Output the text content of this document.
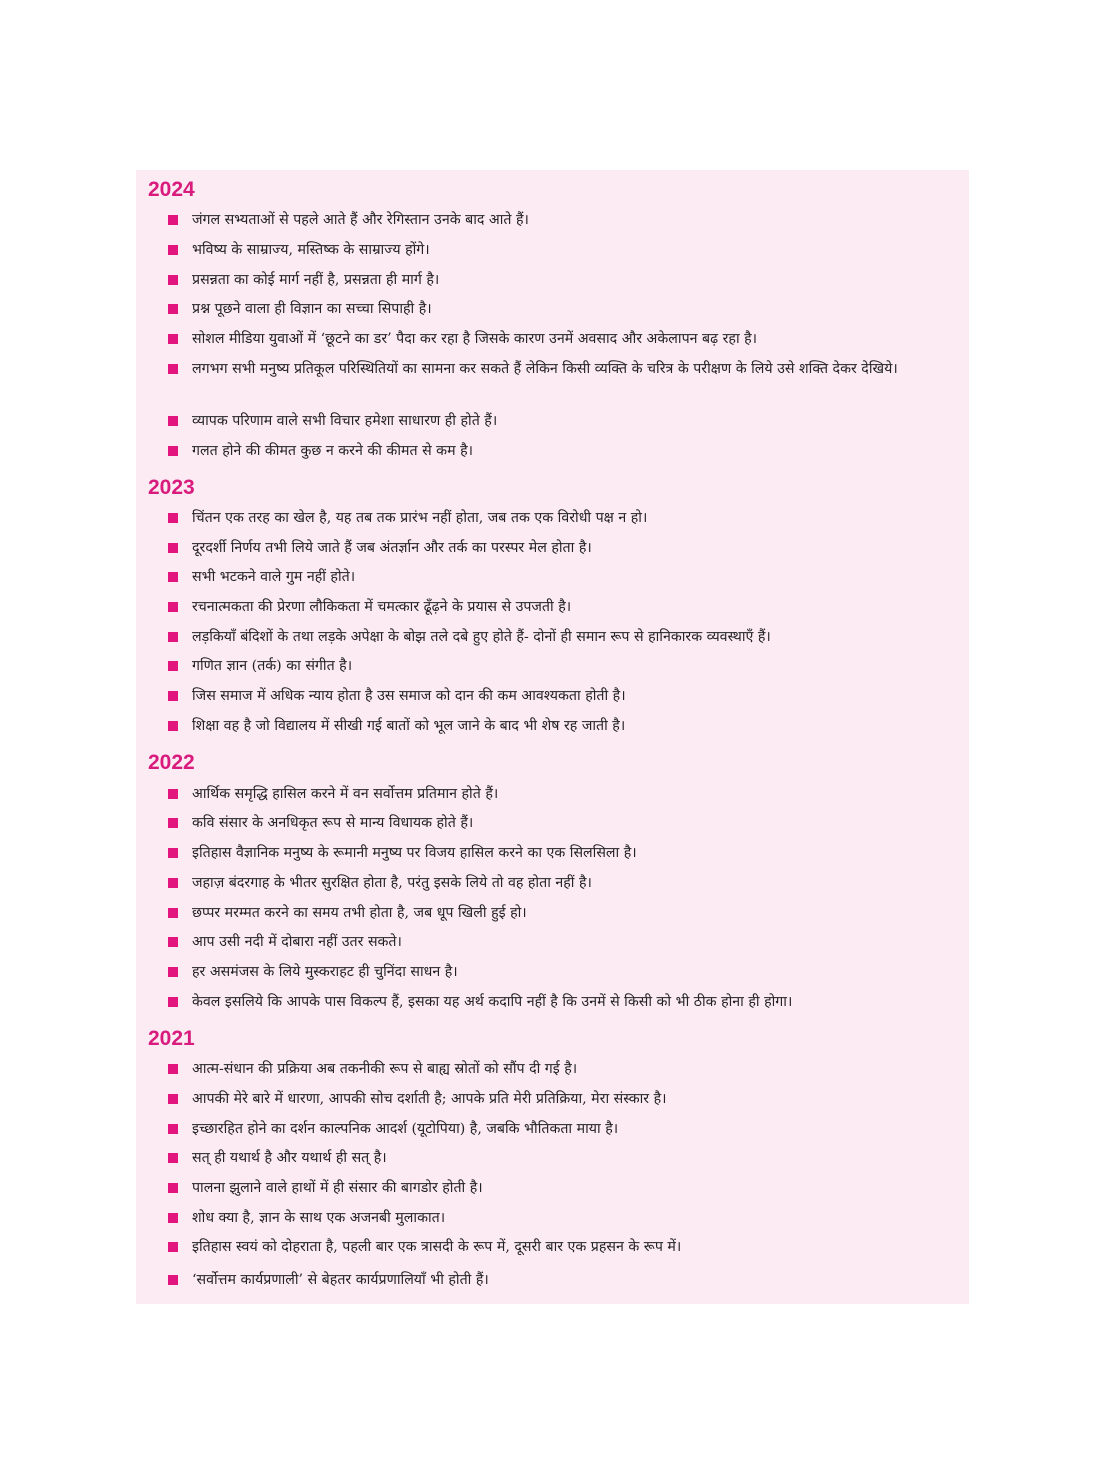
2024
जंगल सभ्यताओं से पहले आते हैं और रेगिस्तान उनके बाद आते हैं।
भविष्य के साम्राज्य, मस्तिष्क के साम्राज्य होंगे।
प्रसन्नता का कोई मार्ग नहीं है, प्रसन्नता ही मार्ग है।
प्रश्न पूछने वाला ही विज्ञान का सच्चा सिपाही है।
सोशल मीडिया युवाओं में ‘छूटने का डर’ पैदा कर रहा है जिसके कारण उनमें अवसाद और अकेलापन बढ़ रहा है।
लगभग सभी मनुष्य प्रतिकूल परिस्थितियों का सामना कर सकते हैं लेकिन किसी व्यक्ति के चरित्र के परीक्षण के लिये उसे शक्ति देकर देखिये।
व्यापक परिणाम वाले सभी विचार हमेशा साधारण ही होते हैं।
गलत होने की कीमत कुछ न करने की कीमत से कम है।
2023
चिंतन एक तरह का खेल है, यह तब तक प्रारंभ नहीं होता, जब तक एक विरोधी पक्ष न हो।
दूरदर्शी निर्णय तभी लिये जाते हैं जब अंतर्ज्ञान और तर्क का परस्पर मेल होता है।
सभी भटकने वाले गुम नहीं होते।
रचनात्मकता की प्रेरणा लौकिकता में चमत्कार ढूँढ़ने के प्रयास से उपजती है।
लड़कियाँ बंदिशों के तथा लड़के अपेक्षा के बोझ तले दबे हुए होते हैं- दोनों ही समान रूप से हानिकारक व्यवस्थाएँ हैं।
गणित ज्ञान (तर्क) का संगीत है।
जिस समाज में अधिक न्याय होता है उस समाज को दान की कम आवश्यकता होती है।
शिक्षा वह है जो विद्यालय में सीखी गई बातों को भूल जाने के बाद भी शेष रह जाती है।
2022
आर्थिक समृद्धि हासिल करने में वन सर्वोत्तम प्रतिमान होते हैं।
कवि संसार के अनधिकृत रूप से मान्य विधायक होते हैं।
इतिहास वैज्ञानिक मनुष्य के रूमानी मनुष्य पर विजय हासिल करने का एक सिलसिला है।
जहाज़ बंदरगाह के भीतर सुरक्षित होता है, परंतु इसके लिये तो वह होता नहीं है।
छप्पर मरम्मत करने का समय तभी होता है, जब धूप खिली हुई हो।
आप उसी नदी में दोबारा नहीं उतर सकते।
हर असमंजस के लिये मुस्कराहट ही चुनिंदा साधन है।
केवल इसलिये कि आपके पास विकल्प हैं, इसका यह अर्थ कदापि नहीं है कि उनमें से किसी को भी ठीक होना ही होगा।
2021
आत्म-संधान की प्रक्रिया अब तकनीकी रूप से बाह्य स्रोतों को सौंप दी गई है।
आपकी मेरे बारे में धारणा, आपकी सोच दर्शाती है; आपके प्रति मेरी प्रतिक्रिया, मेरा संस्कार है।
इच्छारहित होने का दर्शन काल्पनिक आदर्श (यूटोपिया) है, जबकि भौतिकता माया है।
सत् ही यथार्थ है और यथार्थ ही सत् है।
पालना झुलाने वाले हाथों में ही संसार की बागडोर होती है।
शोध क्या है, ज्ञान के साथ एक अजनबी मुलाकात।
इतिहास स्वयं को दोहराता है, पहली बार एक त्रासदी के रूप में, दूसरी बार एक प्रहसन के रूप में।
‘सर्वोत्तम कार्यप्रणाली’ से बेहतर कार्यप्रणालियाँ भी होती हैं।
